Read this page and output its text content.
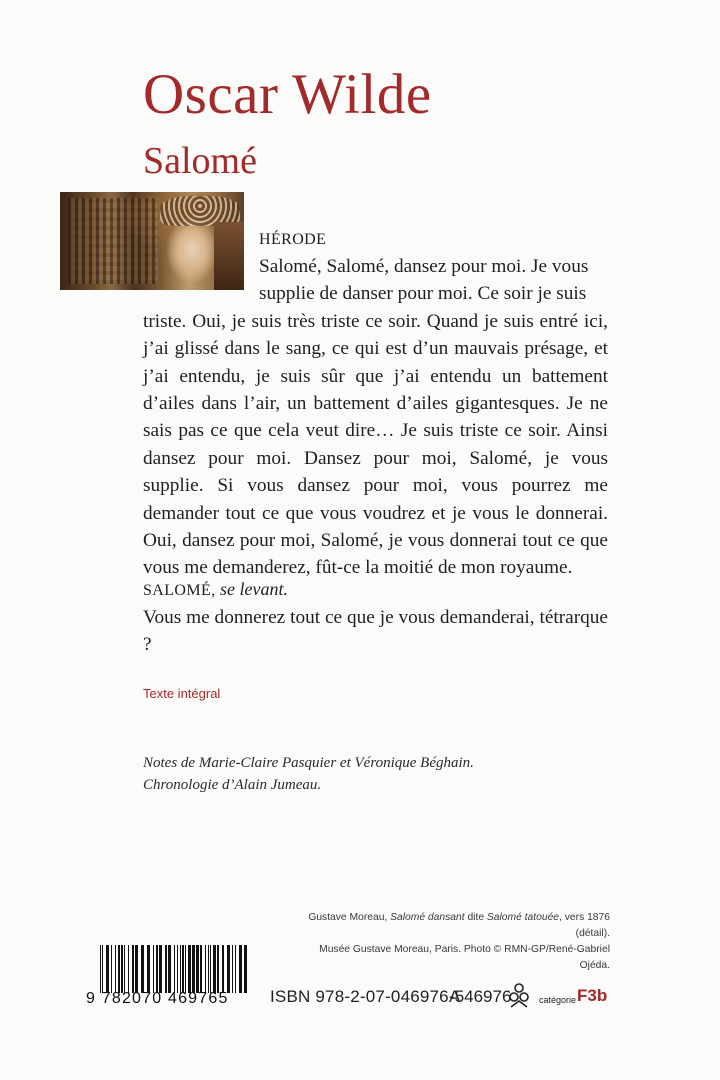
Oscar Wilde
Salomé

HÉRODE

Salomé, Salomé, dansez pour moi. Je vous

supplie de danser pour moi. Ce soir je suis

triste. Oui, je suis très triste ce soir. Quand je suis entré ici, j’ai glissé dans le sang, ce qui est d’un mauvais présage, et j’ai entendu, je suis sûr que j’ai entendu un battement d’ailes dans l’air, un battement d’ailes gigantesques. Je ne sais pas ce que cela veut dire… Je suis triste ce soir. Ainsi dansez pour moi. Dansez pour moi, Salomé, je vous supplie. Si vous dansez pour moi, vous pourrez me demander tout ce que vous voudrez et je vous le donnerai. Oui, dansez pour moi, Salomé, je vous donnerai tout ce que vous me demanderez, fût-ce la moitié de mon royaume.

SALOMÉ, se levant.

Vous me donnerez tout ce que je vous demanderai, tétrarque ?

Texte intégral
Notes de Marie-Claire Pasquier et Véronique Béghain.
Chronologie d’Alain Jumeau.
Gustave Moreau, Salomé dansant dite Salomé tatouée, vers 1876 (détail).
Musée Gustave Moreau, Paris. Photo © RMN-GP/René-Gabriel Ojéda.
9 782070 469765	ISBN 978-2-07-046976-5
A 46976	catégorie F3b
